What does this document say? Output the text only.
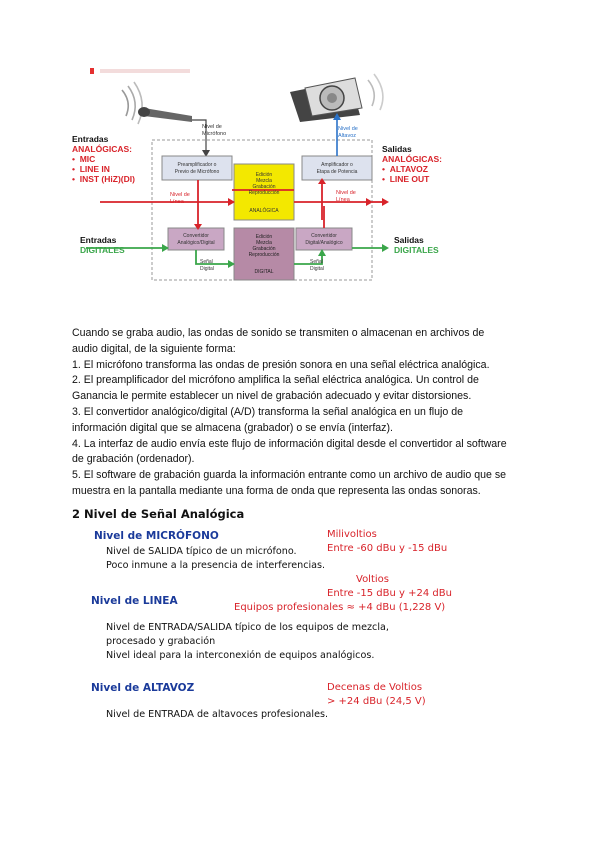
Entradas
ANALÓGICAS:
•  MIC
•  LINE IN
•  INST (HiZ)(DI)
Entradas
DIGITALES
Salidas
ANALÓGICAS:
•  ALTAVOZ
•  LINE OUT
Salidas
DIGITALES
Nivel de
Micrófono
Nivel de
Altavoz
Nivel de
Línea
Nivel de
Línea
Preamplificador o
Previo de Micrófono
Amplificador o
Etapa de Potencia
Edición
Mezcla
Grabación
Reproducción
ANALÓGICA
Convertidor
Analógico/Digital
Convertidor
Digital/Analógico
Edición
Mezcla
Grabación
Reproducción
DIGITAL
Señal
Digital
Señal
Digital

Cuando se graba audio, las ondas de sonido se transmiten o almacenan en archivos de

audio digital, de la siguiente forma:

1. El micrófono transforma las ondas de presión sonora en una señal eléctrica analógica.

2. El preamplificador del micrófono amplifica la señal eléctrica analógica. Un control de

Ganancia le permite establecer un nivel de grabación adecuado y evitar distorsiones.

3. El convertidor analógico/digital (A/D) transforma la señal analógica en un flujo de

información digital que se almacena (grabador) o se envía (interfaz).

4. La interfaz de audio envía este flujo de información digital desde el convertidor al software

de grabación (ordenador).

5. El software de grabación guarda la información entrante como un archivo de audio que se

muestra en la pantalla mediante una forma de onda que representa las ondas sonoras.

2 Nivel de Señal Analógica
Nivel de MICRÓFONO
Nivel de SALIDA típico de un micrófono.
Poco inmune a la presencia de interferencias.
Milivoltios
Entre -60 dBu y -15 dBu
Voltios
Nivel de LINEA
Entre -15 dBu y +24 dBu
Equipos profesionales ≈ +4 dBu (1,228 V)
Nivel de ENTRADA/SALIDA típico de los equipos de mezcla,
procesado y grabación
Nivel ideal para la interconexión de equipos analógicos.
Nivel de ALTAVOZ	Decenas de Voltios
> +24 dBu (24,5 V)
Nivel de ENTRADA de altavoces profesionales.
